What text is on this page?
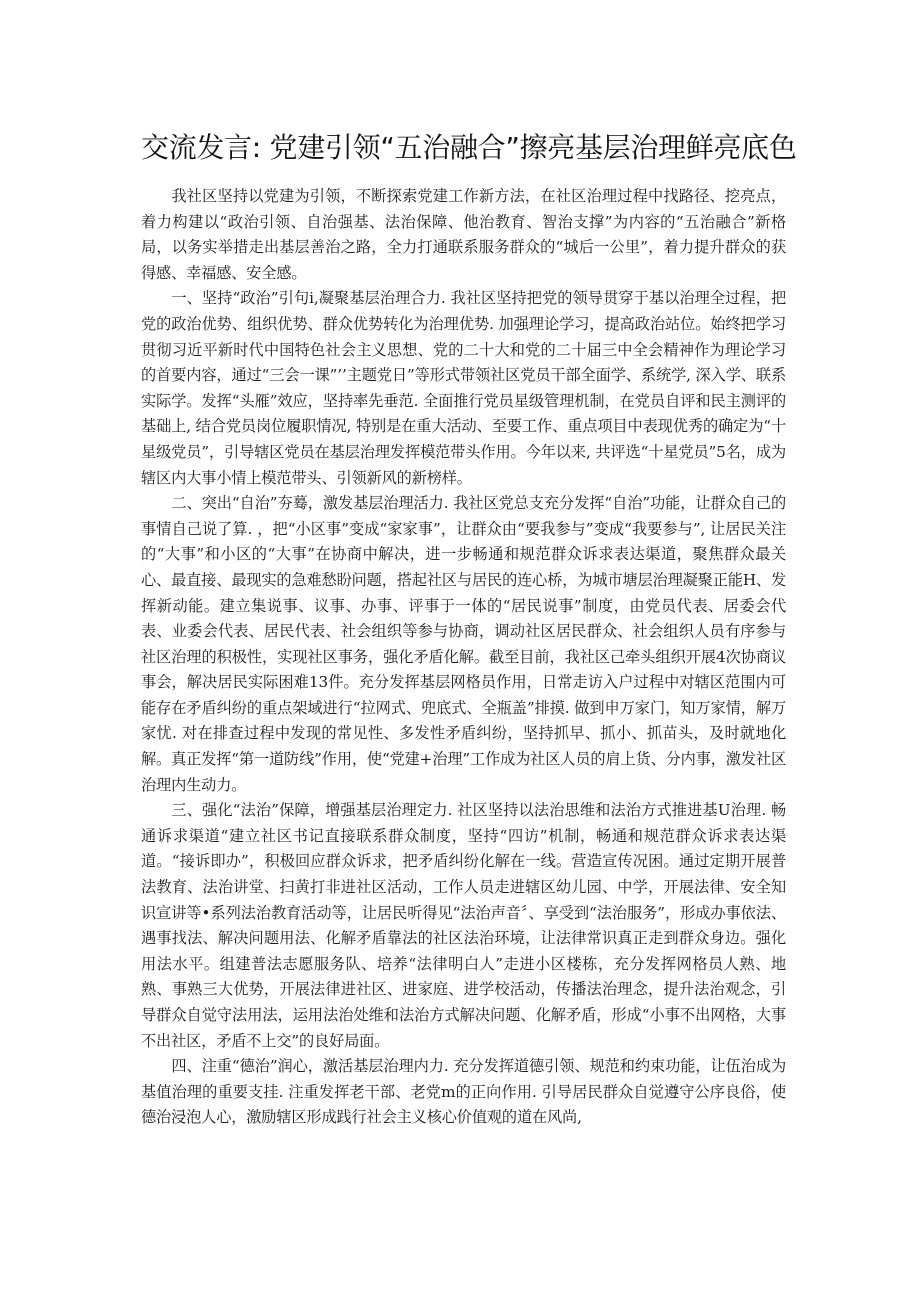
交流发言: 党建引领“五治融合”擦亮基层治理鲜亮底色

我社区坚持以党建为引领，不断探索党建工作新方法，在社区治理过程中找路径、挖亮点，着力构建以“政治引领、自治强基、法治保障、他治教育、智治支撑”为内容的“五治融合”新格局，以务实举措走出基层善治之路，全力打通联系服务群众的“城后一公里”，着力提升群众的获得感、幸福感、安全感。

一、坚持“政治”引句i,凝聚基层治理合力. 我社区坚持把党的领导贯穿于基以治理全过程，把党的政治优势、组织优势、群众优势转化为治理优势. 加强理论学习，提高政治站位。始终把学习贯彻习近平新时代中国特色社会主义思想、党的二十大和党的二十届三中全会精神作为理论学习的首要内容，通过“三会一课”’’主题党日”等形式带领社区党员干部全面学、系统学, 深入学、联系实际学。发挥“头雁”效应，坚持率先垂范. 全面推行党员星级管理机制，在党员自评和民主测评的基础上, 结合党员岗位履职情况, 特别是在重大活动、至要工作、重点项目中表现优秀的确定为“十星级党员”，引导辖区党员在基层治理发挥模范带头作用。今年以来, 共评选“十星党员”5名，成为辖区内大事小情上模范带头、引领新风的新榜样。

二、突出“自治”夯蓦，激发基层治理活力. 我社区党总支充分发挥“自治”功能，让群众自己的事情自己说了算. ，把“小区事”变成“家家事”，让群众由“要我参与”变成“我要参与”, 让居民关注的“大事”和小区的“大事”在协商中解决，进一步畅通和规范群众诉求表达渠道，聚焦群众最关心、最直接、最现实的急难愁盼问题，搭起社区与居民的连心桥，为城市塘层治理凝聚正能H、发挥新动能。建立集说事、议事、办事、评事于一体的“居民说事”制度，由党员代表、居委会代表、业委会代表、居民代表、社会组织等参与协商，调动社区居民群众、社会组织人员有序参与社区治理的积极性，实现社区事务，强化矛盾化解。截至目前，我社区己牵头组织开展4次协商议事会，解决居民实际困难13件。充分发挥基层网格员作用，日常走访入户过程中对辖区范围内可能存在矛盾纠纷的重点架域进行“拉网式、兜底式、全瓶盖”排摸. 做到申万家门，知万家情，解万家忧. 对在排查过程中发现的常见性、多发性矛盾纠纷，坚持抓早、抓小、抓苗头，及时就地化解。真正发挥“第一道防线”作用，使“党建+治理”工作成为社区人员的肩上货、分内事，激发社区治理内生动力。

三、强化“法治”保障，增强基层治理定力. 社区坚持以法治思维和法治方式推进基U治理. 畅通诉求渠道“建立社区书记直接联系群众制度，坚持“四访”机制，畅通和规范群众诉求表达渠道。“接诉即办”，积极回应群众诉求，把矛盾纠纷化解在一线。营造宣传况困。通过定期开展普法教育、法治讲堂、扫黄打非进社区活动，工作人员走进辖区幼儿园、中学，开展法律、安全知识宣讲等•系列法治教育活动等，让居民听得见“法治声音〞、享受到“法治服务”，形成办事依法、遇事找法、解决问题用法、化解矛盾靠法的社区法治环境，让法律常识真正走到群众身边。强化用法水平。组建普法志愿服务队、培养“法律明白人”走进小区楼栋，充分发挥网格员人熟、地熟、事熟三大优势，开展法律进社区、进家庭、进学校活动，传播法治理念，提升法治观念，引导群众自觉守法用法，运用法治处维和法治方式解决问题、化解矛盾，形成“小事不出网格，大事不出社区，矛盾不上交”的良好局面。

四、注重“德治”润心，激活基层治理内力. 充分发挥道德引领、规范和约束功能，让伍治成为基值治理的重要支挂. 注重发挥老干部、老党m的正向作用. 引导居民群众自觉遵守公序良俗，使德治浸泡人心，激励辖区形成践行社会主义核心价值观的道在风尚,
